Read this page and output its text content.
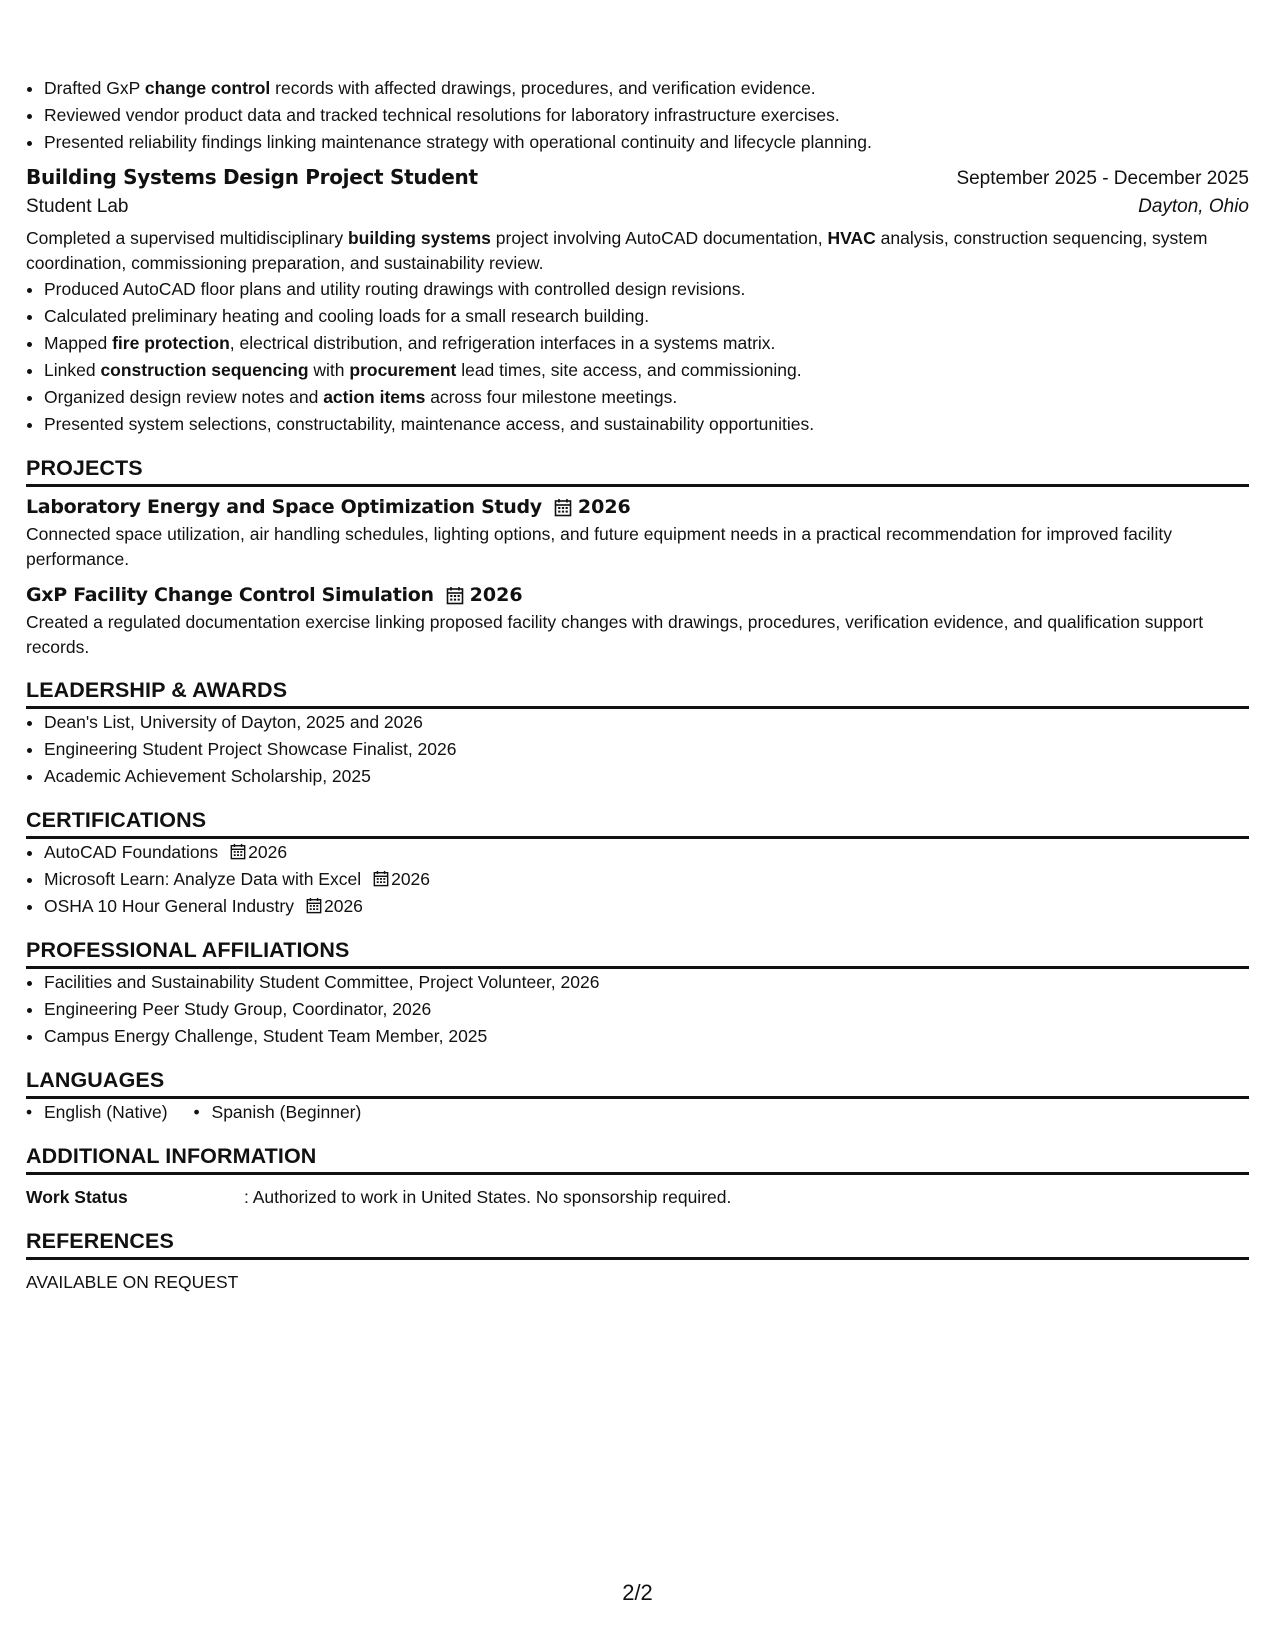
• Drafted GxP change control records with affected drawings, procedures, and verification evidence.
• Reviewed vendor product data and tracked technical resolutions for laboratory infrastructure exercises.
• Presented reliability findings linking maintenance strategy with operational continuity and lifecycle planning.
Building Systems Design Project Student	September 2025 - December 2025
Student Lab	Dayton, Ohio
Completed a supervised multidisciplinary building systems project involving AutoCAD documentation, HVAC analysis, construction sequencing, system coordination, commissioning preparation, and sustainability review.
• Produced AutoCAD floor plans and utility routing drawings with controlled design revisions.
• Calculated preliminary heating and cooling loads for a small research building.
• Mapped fire protection, electrical distribution, and refrigeration interfaces in a systems matrix.
• Linked construction sequencing with procurement lead times, site access, and commissioning.
• Organized design review notes and action items across four milestone meetings.
• Presented system selections, constructability, maintenance access, and sustainability opportunities.
PROJECTS
Laboratory Energy and Space Optimization Study 2026
Connected space utilization, air handling schedules, lighting options, and future equipment needs in a practical recommendation for improved facility performance.
GxP Facility Change Control Simulation 2026
Created a regulated documentation exercise linking proposed facility changes with drawings, procedures, verification evidence, and qualification support records.
LEADERSHIP & AWARDS
• Dean's List, University of Dayton, 2025 and 2026
• Engineering Student Project Showcase Finalist, 2026
• Academic Achievement Scholarship, 2025
CERTIFICATIONS
• AutoCAD Foundations 2026
• Microsoft Learn: Analyze Data with Excel 2026
• OSHA 10 Hour General Industry 2026
PROFESSIONAL AFFILIATIONS
• Facilities and Sustainability Student Committee, Project Volunteer, 2026
• Engineering Peer Study Group, Coordinator, 2026
• Campus Energy Challenge, Student Team Member, 2025
LANGUAGES
• English (Native)
•	Spanish (Beginner)
ADDITIONAL INFORMATION
Work Status	: Authorized to work in United States. No sponsorship required.
REFERENCES
AVAILABLE ON REQUEST
2/2
